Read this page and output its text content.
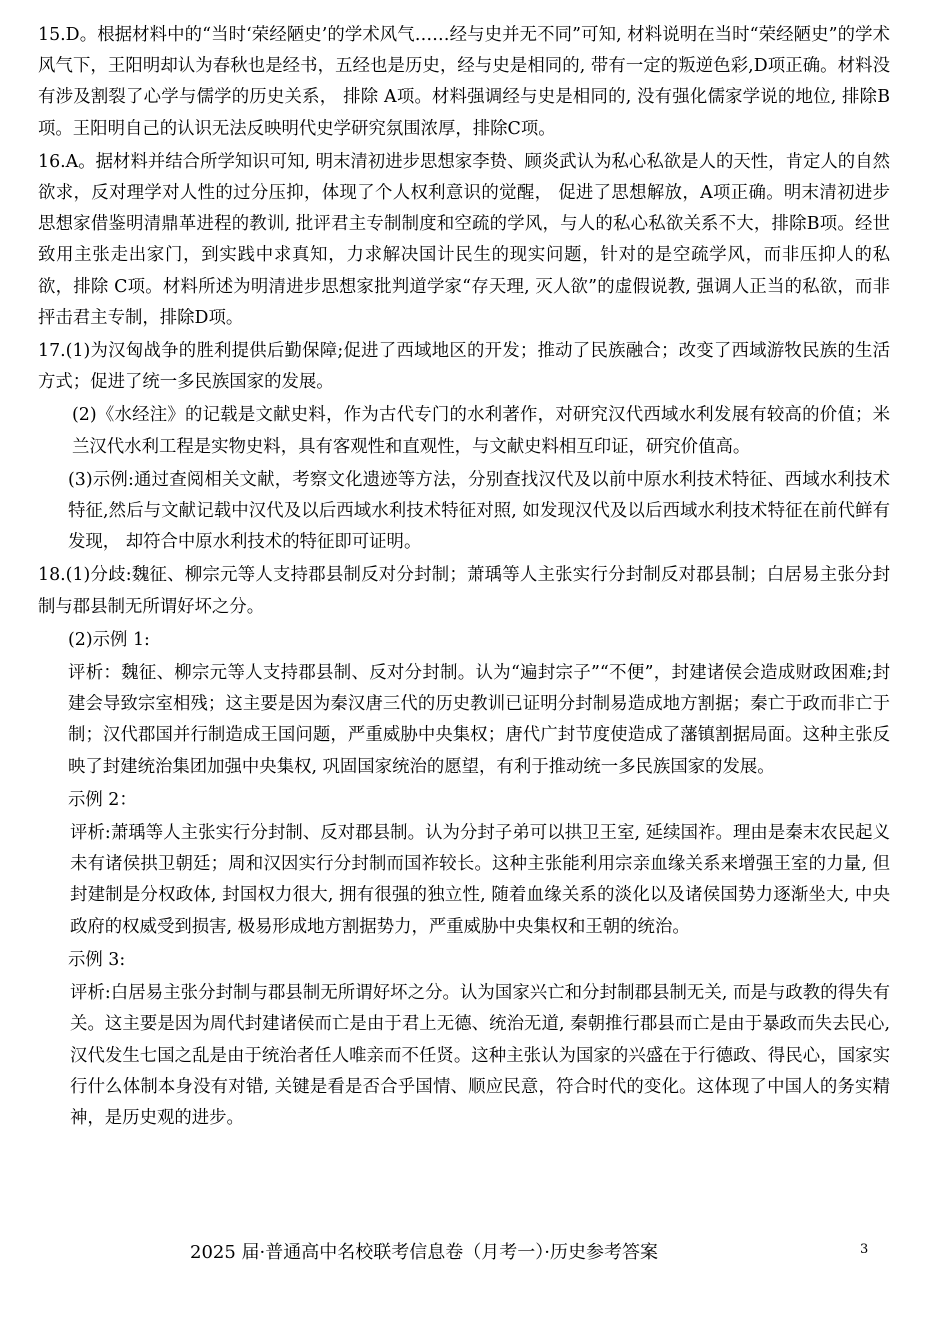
15.D。根据材料中的“当时‘荣经陋史’的学术风气……经与史并无不同”可知, 材料说明在当时“荣经陋史”的学术风气下，王阳明却认为春秋也是经书，五经也是历史，经与史是相同的, 带有一定的叛逆色彩,D项正确。材料没有涉及割裂了心学与儒学的历史关系， 排除 A项。材料强调经与史是相同的, 没有强化儒家学说的地位, 排除B项。王阳明自己的认识无法反映明代史学研究氛围浓厚，排除C项。

16.A。据材料并结合所学知识可知, 明末清初进步思想家李贽、顾炎武认为私心私欲是人的天性，肯定人的自然欲求，反对理学对人性的过分压抑，体现了个人权利意识的觉醒， 促进了思想解放，A项正确。明末清初进步思想家借鉴明清鼎革进程的教训, 批评君主专制制度和空疏的学风，与人的私心私欲关系不大，排除B项。经世致用主张走出家门，到实践中求真知，力求解决国计民生的现实问题，针对的是空疏学风，而非压抑人的私欲，排除 C项。材料所述为明清进步思想家批判道学家“存天理, 灭人欲”的虚假说教, 强调人正当的私欲，而非抨击君主专制，排除D项。

17.(1)为汉匈战争的胜利提供后勤保障;促进了西域地区的开发；推动了民族融合；改变了西域游牧民族的生活方式；促进了统一多民族国家的发展。

(2)《水经注》的记载是文献史料，作为古代专门的水利著作，对研究汉代西域水利发展有较高的价值；米兰汉代水利工程是实物史料，具有客观性和直观性，与文献史料相互印证，研究价值高。

(3)示例:通过查阅相关文献，考察文化遗迹等方法，分别查找汉代及以前中原水利技术特征、西域水利技术特征,然后与文献记载中汉代及以后西域水利技术特征对照, 如发现汉代及以后西域水利技术特征在前代鲜有发现， 却符合中原水利技术的特征即可证明。

18.(1)分歧:魏征、柳宗元等人支持郡县制反对分封制；萧瑀等人主张实行分封制反对郡县制；白居易主张分封制与郡县制无所谓好坏之分。

(2)示例 1:

评析：魏征、柳宗元等人支持郡县制、反对分封制。认为“遍封宗子”“不便”，封建诸侯会造成财政困难;封建会导致宗室相残；这主要是因为秦汉唐三代的历史教训已证明分封制易造成地方割据；秦亡于政而非亡于制；汉代郡国并行制造成王国问题，严重威胁中央集权；唐代广封节度使造成了藩镇割据局面。这种主张反映了封建统治集团加强中央集权, 巩固国家统治的愿望，有利于推动统一多民族国家的发展。

示例 2：

评析:萧瑀等人主张实行分封制、反对郡县制。认为分封子弟可以拱卫王室, 延续国祚。理由是秦末农民起义未有诸侯拱卫朝廷；周和汉因实行分封制而国祚较长。这种主张能利用宗亲血缘关系来增强王室的力量, 但封建制是分权政体, 封国权力很大, 拥有很强的独立性, 随着血缘关系的淡化以及诸侯国势力逐渐坐大, 中央政府的权威受到损害, 极易形成地方割据势力，严重威胁中央集权和王朝的统治。

示例 3:

评析:白居易主张分封制与郡县制无所谓好坏之分。认为国家兴亡和分封制郡县制无关, 而是与政教的得失有关。这主要是因为周代封建诸侯而亡是由于君上无德、统治无道, 秦朝推行郡县而亡是由于暴政而失去民心, 汉代发生七国之乱是由于统治者任人唯亲而不任贤。这种主张认为国家的兴盛在于行德政、得民心，国家实行什么体制本身没有对错, 关键是看是否合乎国情、顺应民意，符合时代的变化。这体现了中国人的务实精神，是历史观的进步。

2025 届·普通高中名校联考信息卷（月考一）·历史参考答案	3
